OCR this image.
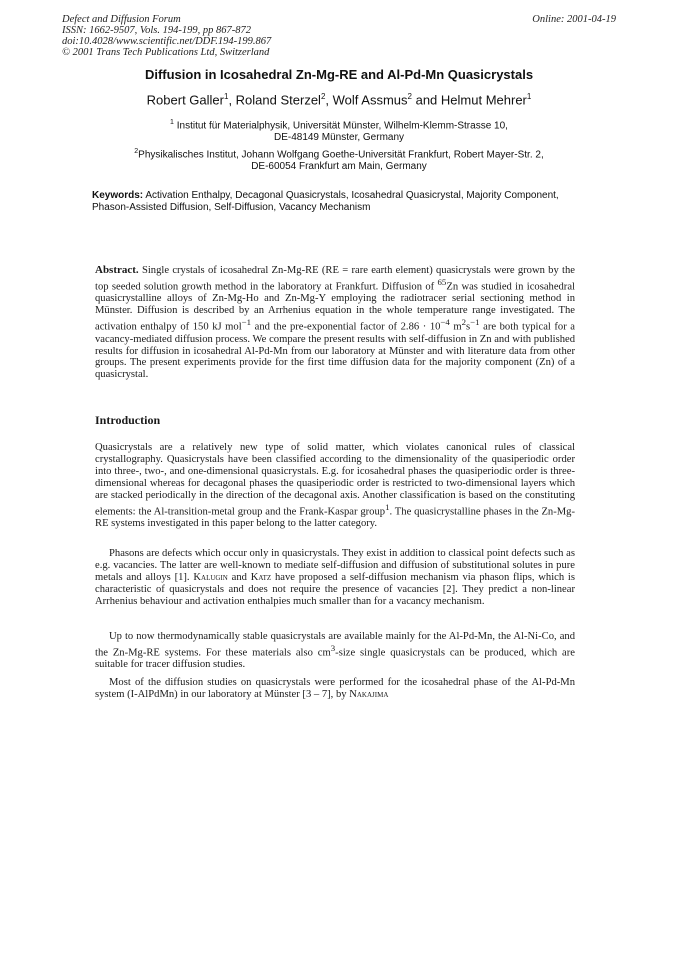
Defect and Diffusion Forum
ISSN: 1662-9507, Vols. 194-199, pp 867-872
doi:10.4028/www.scientific.net/DDF.194-199.867
© 2001 Trans Tech Publications Ltd, Switzerland
Online: 2001-04-19
Diffusion in Icosahedral Zn-Mg-RE and Al-Pd-Mn Quasicrystals
Robert Galler$^1$, Roland Sterzel$^2$, Wolf Assmus$^2$ and Helmut Mehrer$^1$
$^1$ Institut für Materialphysik, Universität Münster, Wilhelm-Klemm-Strasse 10,
DE-48149 Münster, Germany
$^2$Physikalisches Institut, Johann Wolfgang Goethe-Universität Frankfurt, Robert Mayer-Str. 2,
DE-60054 Frankfurt am Main, Germany
Keywords: Activation Enthalpy, Decagonal Quasicrystals, Icosahedral Quasicrystal, Majority Component, Phason-Assisted Diffusion, Self-Diffusion, Vacancy Mechanism
Abstract. Single crystals of icosahedral Zn-Mg-RE (RE = rare earth element) quasicrystals were grown by the top seeded solution growth method in the laboratory at Frankfurt. Diffusion of $^{65}$Zn was studied in icosahedral quasicrystalline alloys of Zn-Mg-Ho and Zn-Mg-Y employing the radiotracer serial sectioning method in Münster. Diffusion is described by an Arrhenius equation in the whole temperature range investigated. The activation enthalpy of 150 kJ mol$^{-1}$ and the pre-exponential factor of $2.86 \cdot 10^{-4}$ $m^2s^{-1}$ are both typical for a vacancy-mediated diffusion process. We compare the present results with self-diffusion in Zn and with published results for diffusion in icosahedral Al-Pd-Mn from our laboratory at Münster and with literature data from other groups. The present experiments provide for the first time diffusion data for the majority component (Zn) of a quasicrystal.
Introduction
Quasicrystals are a relatively new type of solid matter, which violates canonical rules of classical crystallography. Quasicrystals have been classified according to the dimensionality of the quasiperiodic order into three-, two-, and one-dimensional quasicrystals. E.g. for icosahedral phases the quasiperiodic order is three-dimensional whereas for decagonal phases the quasiperiodic order is restricted to two-dimensional layers which are stacked periodically in the direction of the decagonal axis. Another classification is based on the constituting elements: the Al-transition-metal group and the Frank-Kaspar group$^1$. The quasicrystalline phases in the Zn-Mg-RE systems investigated in this paper belong to the latter category.
Phasons are defects which occur only in quasicrystals. They exist in addition to classical point defects such as e.g. vacancies. The latter are well-known to mediate self-diffusion and diffusion of substitutional solutes in pure metals and alloys [1]. Kalugin and Katz have proposed a self-diffusion mechanism via phason flips, which is characteristic of quasicrystals and does not require the presence of vacancies [2]. They predict a non-linear Arrhenius behaviour and activation enthalpies much smaller than for a vacancy mechanism.
Up to now thermodynamically stable quasicrystals are available mainly for the Al-Pd-Mn, the Al-Ni-Co, and the Zn-Mg-RE systems. For these materials also $cm^3$-size single quasicrystals can be produced, which are suitable for tracer diffusion studies.
Most of the diffusion studies on quasicrystals were performed for the icosahedral phase of the Al-Pd-Mn system (I-AlPdMn) in our laboratory at Münster [3 – 7], by Nakajima
